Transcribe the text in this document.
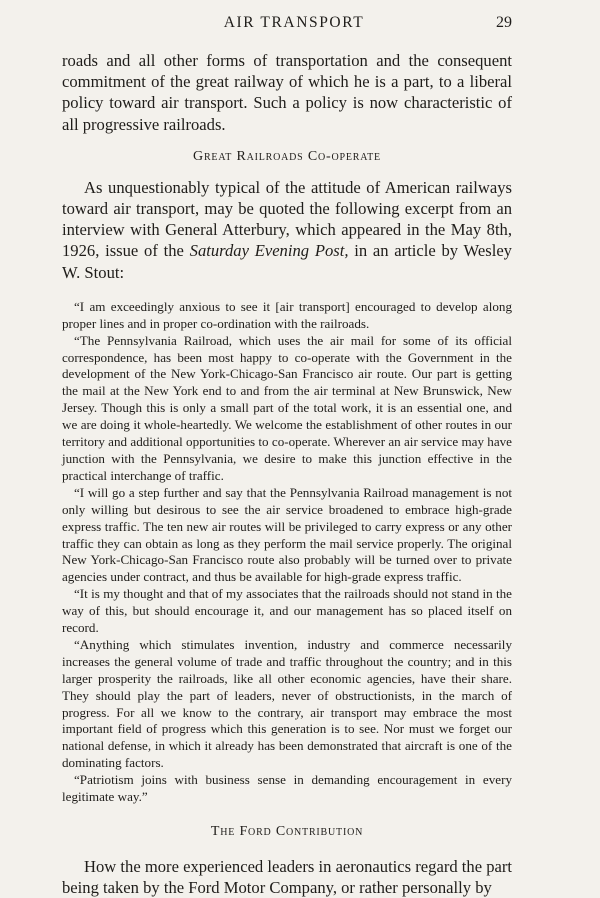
AIR TRANSPORT	29

roads and all other forms of transportation and the consequent commitment of the great railway of which he is a part, to a liberal policy toward air transport. Such a policy is now characteristic of all progressive railroads.

Great Railroads Co-operate

As unquestionably typical of the attitude of American railways toward air transport, may be quoted the following excerpt from an interview with General Atterbury, which appeared in the May 8th, 1926, issue of the Saturday Evening Post, in an article by Wesley W. Stout:

“I am exceedingly anxious to see it [air transport] encouraged to develop along proper lines and in proper co-ordination with the railroads.

“The Pennsylvania Railroad, which uses the air mail for some of its official correspondence, has been most happy to co-operate with the Government in the development of the New York-Chicago-San Francisco air route. Our part is getting the mail at the New York end to and from the air terminal at New Brunswick, New Jersey. Though this is only a small part of the total work, it is an essential one, and we are doing it whole-heartedly. We welcome the establishment of other routes in our territory and additional opportunities to co-operate. Wherever an air service may have junction with the Pennsylvania, we desire to make this junction effective in the practical interchange of traffic.

“I will go a step further and say that the Pennsylvania Railroad management is not only willing but desirous to see the air service broadened to embrace high-grade express traffic. The ten new air routes will be privileged to carry express or any other traffic they can obtain as long as they perform the mail service properly. The original New York-Chicago-San Francisco route also probably will be turned over to private agencies under contract, and thus be available for high-grade express traffic.

“It is my thought and that of my associates that the railroads should not stand in the way of this, but should encourage it, and our management has so placed itself on record.

“Anything which stimulates invention, industry and commerce necessarily increases the general volume of trade and traffic throughout the country; and in this larger prosperity the railroads, like all other economic agencies, have their share. They should play the part of leaders, never of obstructionists, in the march of progress. For all we know to the contrary, air transport may embrace the most important field of progress which this generation is to see. Nor must we forget our national defense, in which it already has been demonstrated that aircraft is one of the dominating factors.

“Patriotism joins with business sense in demanding encouragement in every legitimate way.”

The Ford Contribution

How the more experienced leaders in aeronautics regard the part being taken by the Ford Motor Company, or rather personally by
